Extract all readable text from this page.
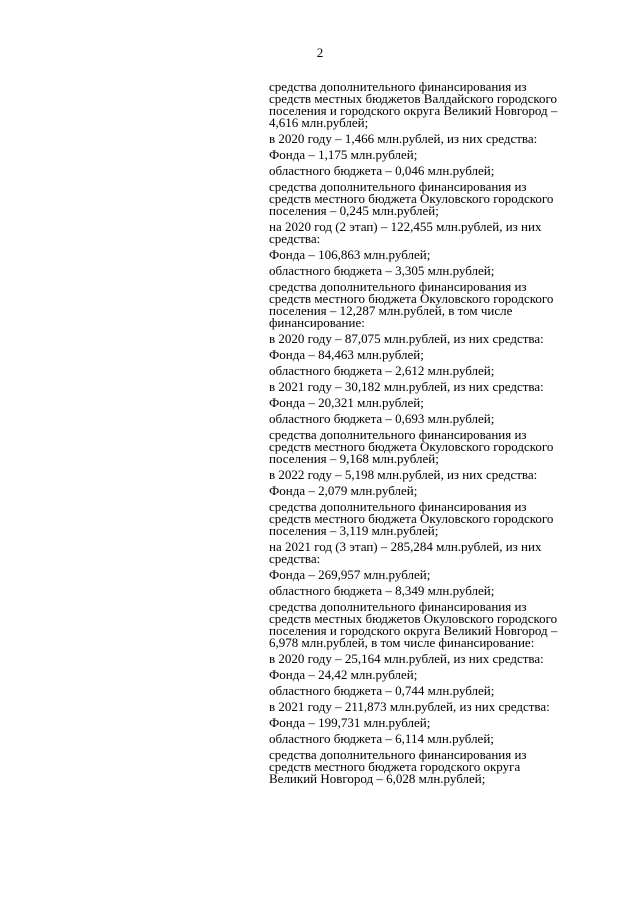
2

средства дополнительного финансирования из
средств местных бюджетов Валдайского городского
поселения и городского округа Великий Новгород –
4,616 млн.рублей;

в 2020 году – 1,466 млн.рублей, из них средства:

Фонда – 1,175 млн.рублей;

областного бюджета – 0,046 млн.рублей;

средства дополнительного финансирования из
средств местного бюджета Окуловского городского
поселения – 0,245 млн.рублей;

на 2020 год (2 этап) – 122,455 млн.рублей, из них
средства:

Фонда – 106,863 млн.рублей;

областного бюджета – 3,305 млн.рублей;

средства дополнительного финансирования из
средств местного бюджета Окуловского городского
поселения – 12,287 млн.рублей, в том числе
финансирование:

в 2020 году – 87,075 млн.рублей, из них средства:

Фонда – 84,463 млн.рублей;

областного бюджета – 2,612 млн.рублей;

в 2021 году – 30,182 млн.рублей, из них средства:

Фонда – 20,321 млн.рублей;

областного бюджета – 0,693 млн.рублей;

средства дополнительного финансирования из
средств местного бюджета Окуловского городского
поселения – 9,168 млн.рублей;

в 2022 году – 5,198 млн.рублей, из них средства:

Фонда – 2,079 млн.рублей;

средства дополнительного финансирования из
средств местного бюджета Окуловского городского
поселения – 3,119 млн.рублей;

на 2021 год (3 этап) – 285,284 млн.рублей, из них
средства:

Фонда – 269,957 млн.рублей;

областного бюджета – 8,349 млн.рублей;

средства дополнительного финансирования из
средств местных бюджетов Окуловского городского
поселения и городского округа Великий Новгород –
6,978 млн.рублей, в том числе финансирование:

в 2020 году – 25,164 млн.рублей, из них средства:

Фонда – 24,42 млн.рублей;

областного бюджета – 0,744 млн.рублей;

в 2021 году – 211,873 млн.рублей, из них средства:

Фонда – 199,731 млн.рублей;

областного бюджета – 6,114 млн.рублей;

средства дополнительного финансирования из
средств местного бюджета городского округа
Великий Новгород – 6,028 млн.рублей;
